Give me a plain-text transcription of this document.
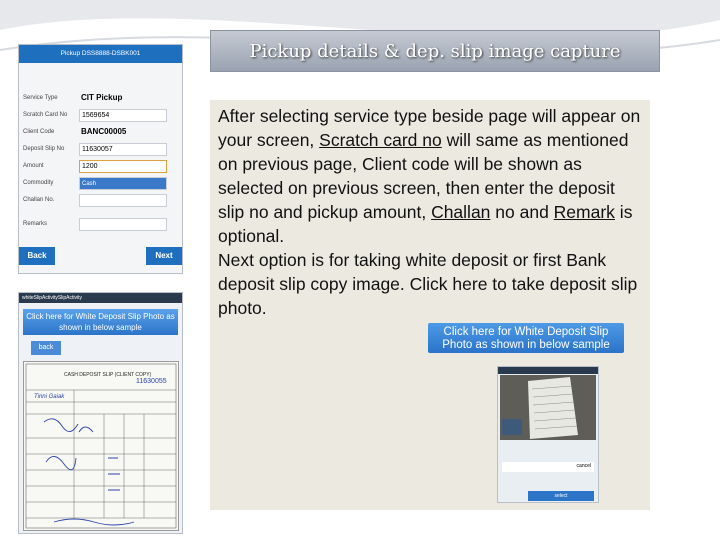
Pickup details & dep. slip image capture

After selecting service type beside page will appear on your screen, Scratch card no will same as mentioned on previous page, Client code will be shown as selected on previous screen, then enter the deposit slip no and pickup amount, Challan no and Remark is optional.
Next option is for taking white deposit or first Bank deposit slip copy image. Click here to take deposit slip photo.

Click here for White Deposit Slip Photo as shown in below sample
Pickup DSS8888-DSBK001
Service Type	CIT Pickup
Scratch Card No	1569654
Client Code	BANC00005
Deposit Slip No	11630057
Amount	1200
Commodity	Cash
Challan No.
Remarks
Back	Next
whiteSlipActivitySlipActivity
Click here for White Deposit Slip Photo as shown in below sample
back
CASH DEPOSIT SLIP (CLIENT COPY)
11630055
Tinni Gaiak
cancel
select
